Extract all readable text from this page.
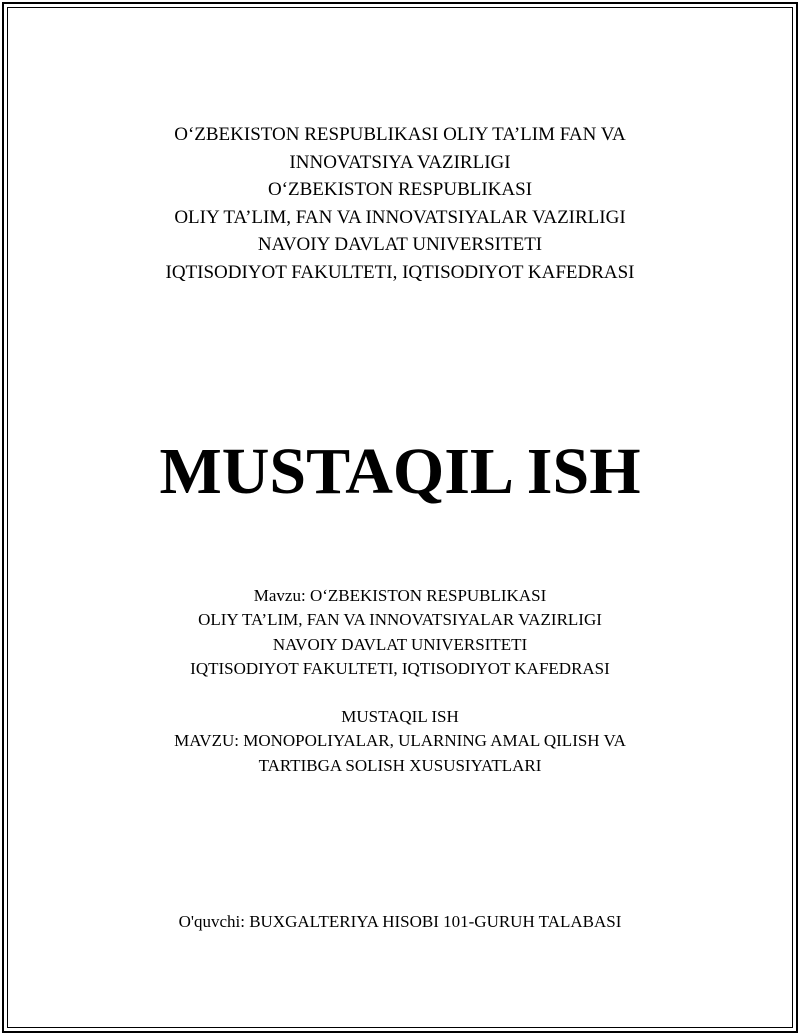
O‘ZBEKISTON RESPUBLIKASI OLIY TA’LIM FAN VA
INNOVATSIYA VAZIRLIGI
O‘ZBEKISTON RESPUBLIKASI
OLIY TA’LIM, FAN VA INNOVATSIYALAR VAZIRLIGI
NAVOIY DAVLAT UNIVERSITETI
IQTISODIYOT FAKULTETI, IQTISODIYOT KAFEDRASI
MUSTAQIL ISH
Mavzu: O‘ZBEKISTON RESPUBLIKASI
OLIY TA’LIM, FAN VA INNOVATSIYALAR VAZIRLIGI
NAVOIY DAVLAT UNIVERSITETI
IQTISODIYOT FAKULTETI, IQTISODIYOT KAFEDRASI
MUSTAQIL ISH
MAVZU: MONOPOLIYALAR, ULARNING AMAL QILISH VA
TARTIBGA SOLISH XUSUSIYATLARI
O'quvchi: BUXGALTERIYA HISOBI 101-GURUH TALABASI
